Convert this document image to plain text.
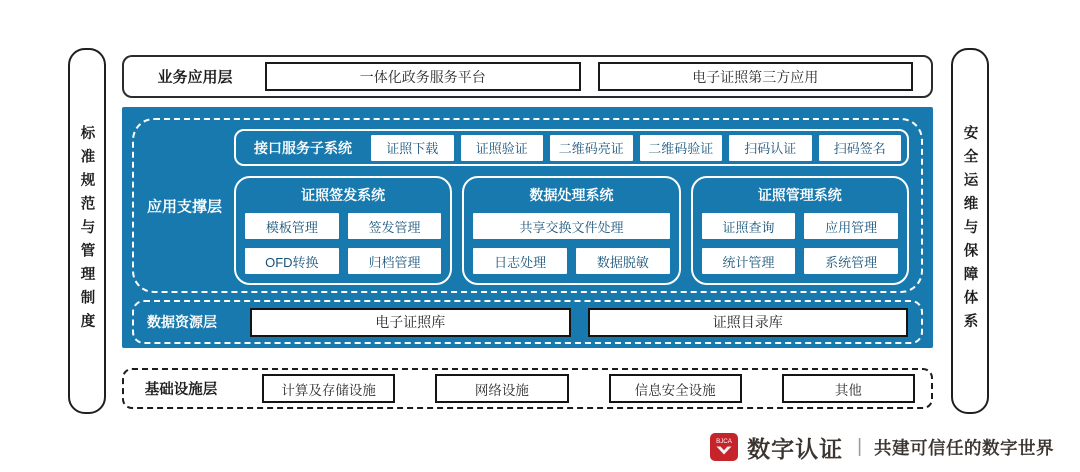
标准规范与管理制度	安全运维与保障体系
业务应用层	一体化政务服务平台	电子证照第三方应用
应用支撑层
接口服务子系统	证照下载	证照验证	二维码亮证	二维码验证	扫码认证	扫码签名
证照签发系统
模板管理	签发管理
OFD转换	归档管理
数据处理系统
共享交换文件处理
日志处理	数据脱敏
证照管理系统
证照查询	应用管理
统计管理	系统管理
数据资源层	电子证照库	证照目录库
基础设施层	计算及存储设施	网络设施	信息安全设施	其他
BJCA 数字认证 | 共建可信任的数字世界
